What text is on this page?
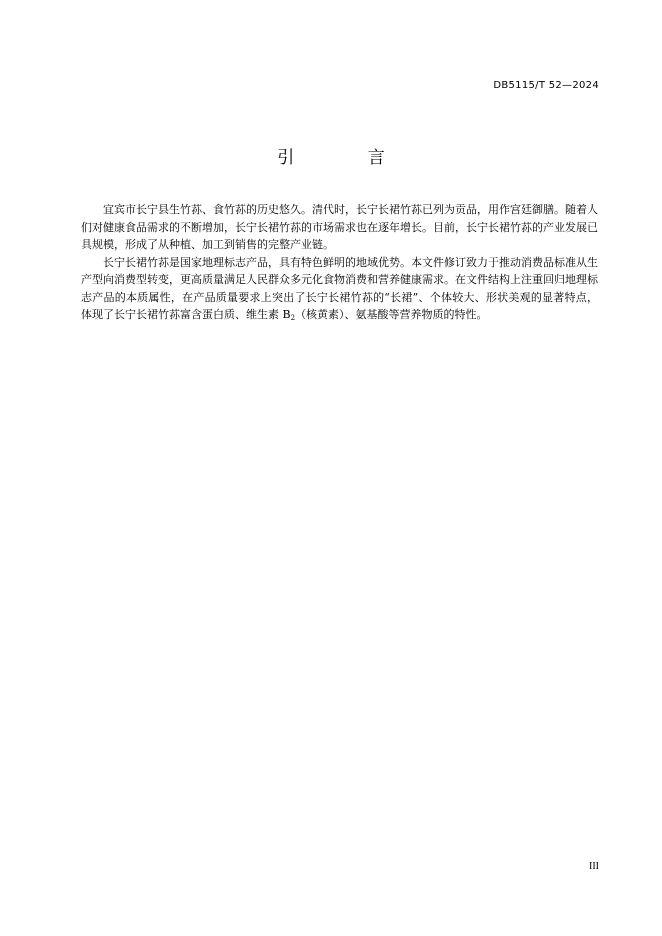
DB5115/T 52—2024
引 言

宜宾市长宁县生竹荪、食竹荪的历史悠久。清代时，长宁长裙竹荪已列为贡品，用作宫廷御膳。随着人们对健康食品需求的不断增加，长宁长裙竹荪的市场需求也在逐年增长。目前，长宁长裙竹荪的产业发展已具规模，形成了从种植、加工到销售的完整产业链。

长宁长裙竹荪是国家地理标志产品，具有特色鲜明的地域优势。本文件修订致力于推动消费品标准从生产型向消费型转变，更高质量满足人民群众多元化食物消费和营养健康需求。在文件结构上注重回归地理标志产品的本质属性，在产品质量要求上突出了长宁长裙竹荪的“长裙”、个体较大、形状美观的显著特点，体现了长宁长裙竹荪富含蛋白质、维生素 $B_2$（核黄素）、氨基酸等营养物质的特性。

III
